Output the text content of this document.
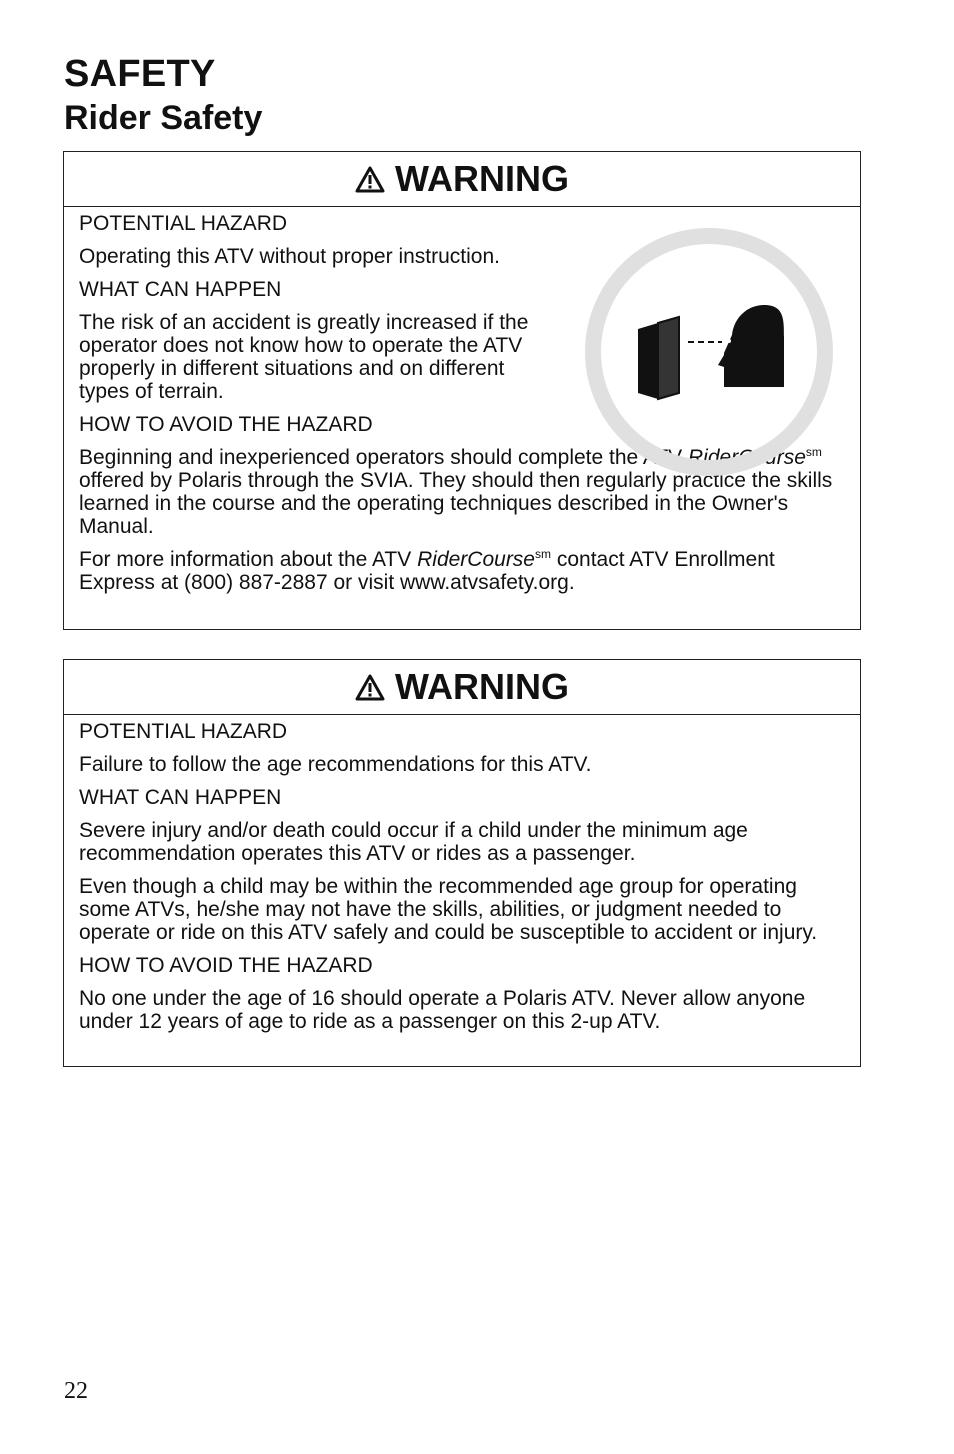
SAFETY
Rider Safety
WARNING

POTENTIAL HAZARD

Operating this ATV without proper instruction.

WHAT CAN HAPPEN

The risk of an accident is greatly increased if the operator does not know how to operate the ATV properly in different situations and on different types of terrain.

HOW TO AVOID THE HAZARD

Beginning and inexperienced operators should complete the ATV RiderCourse$^{sm}$ offered by Polaris through the SVIA. They should then regularly practice the skills learned in the course and the operating techniques described in the Owner's Manual.

For more information about the ATV RiderCourse$^{sm}$ contact ATV Enrollment Express at (800) 887-2887 or visit www.atvsafety.org.

WARNING

POTENTIAL HAZARD

Failure to follow the age recommendations for this ATV.

WHAT CAN HAPPEN

Severe injury and/or death could occur if a child under the minimum age recommendation operates this ATV or rides as a passenger.

Even though a child may be within the recommended age group for operating some ATVs, he/she may not have the skills, abilities, or judgment needed to operate or ride on this ATV safely and could be susceptible to accident or injury.

HOW TO AVOID THE HAZARD

No one under the age of 16 should operate a Polaris ATV. Never allow anyone under 12 years of age to ride as a passenger on this 2-up ATV.

22
